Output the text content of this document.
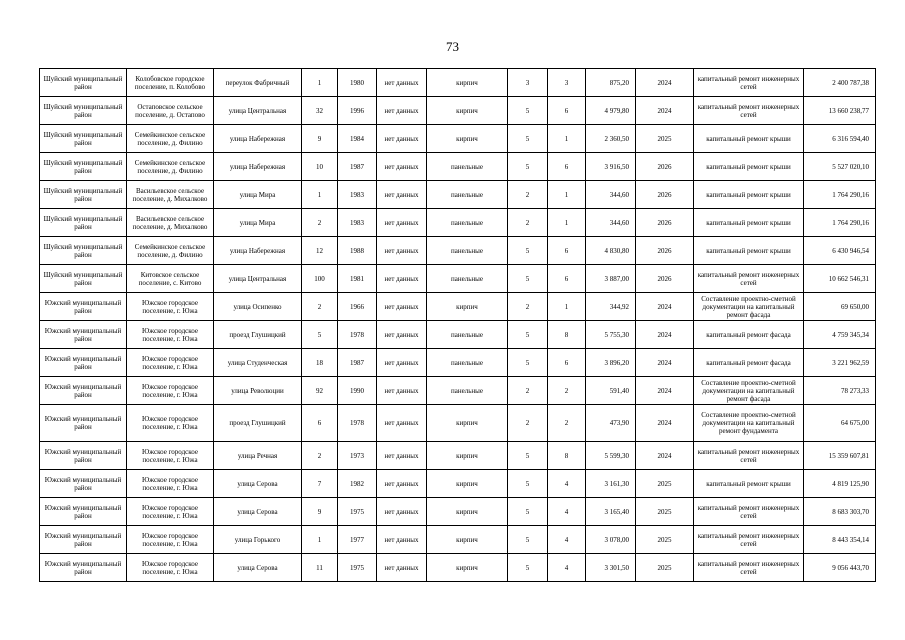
73
Шуйский муниципальный район	Колобовское городское поселение, п. Колобово	переулок Фабричный	1	1980	нет данных	кирпич	3	3	875,20	2024	капитальный ремонт инженерных сетей	2 400 787,38
Шуйский муниципальный район	Остаповское сельское поселение, д. Остапово	улица Центральная	32	1996	нет данных	кирпич	5	6	4 979,80	2024	капитальный ремонт инженерных сетей	13 660 238,77
Шуйский муниципальный район	Семейкинское сельское поселение, д. Филино	улица Набережная	9	1984	нет данных	кирпич	5	1	2 360,50	2025	капитальный ремонт крыши	6 316 594,40
Шуйский муниципальный район	Семейкинское сельское поселение, д. Филино	улица Набережная	10	1987	нет данных	панельные	5	6	3 916,50	2026	капитальный ремонт крыши	5 527 020,10
Шуйский муниципальный район	Васильевское сельское поселение, д. Михалково	улица Мира	1	1983	нет данных	панельные	2	1	344,60	2026	капитальный ремонт крыши	1 764 290,16
Шуйский муниципальный район	Васильевское сельское поселение, д. Михалково	улица Мира	2	1983	нет данных	панельные	2	1	344,60	2026	капитальный ремонт крыши	1 764 290,16
Шуйский муниципальный район	Семейкинское сельское поселение, д. Филино	улица Набережная	12	1988	нет данных	панельные	5	6	4 830,80	2026	капитальный ремонт крыши	6 430 946,54
Шуйский муниципальный район	Китовское сельское поселение, с. Китово	улица Центральная	100	1981	нет данных	панельные	5	6	3 887,00	2026	капитальный ремонт инженерных сетей	10 662 546,31
Южский муниципальный район	Южское городское поселение, г. Южа	улица Осипенко	2	1966	нет данных	кирпич	2	1	344,92	2024	Составление проектно-сметной документации на капитальный ремонт фасада	69 650,00
Южский муниципальный район	Южское городское поселение, г. Южа	проезд Глушицкий	5	1978	нет данных	панельные	5	8	5 755,30	2024	капитальный ремонт фасада	4 759 345,34
Южский муниципальный район	Южское городское поселение, г. Южа	улица Студенческая	18	1987	нет данных	панельные	5	6	3 896,20	2024	капитальный ремонт фасада	3 221 962,59
Южский муниципальный район	Южское городское поселение, г. Южа	улица Революции	92	1990	нет данных	панельные	2	2	591,40	2024	Составление проектно-сметной документации на капитальный ремонт фасада	78 273,33
Южский муниципальный район	Южское городское поселение, г. Южа	проезд Глушицкий	6	1978	нет данных	кирпич	2	2	473,90	2024	Составление проектно-сметной документации на капитальный ремонт фундамента	64 675,00
Южский муниципальный район	Южское городское поселение, г. Южа	улица Речная	2	1973	нет данных	кирпич	5	8	5 599,30	2024	капитальный ремонт инженерных сетей	15 359 607,81
Южский муниципальный район	Южское городское поселение, г. Южа	улица Серова	7	1982	нет данных	кирпич	5	4	3 161,30	2025	капитальный ремонт крыши	4 819 125,90
Южский муниципальный район	Южское городское поселение, г. Южа	улица Серова	9	1975	нет данных	кирпич	5	4	3 165,40	2025	капитальный ремонт инженерных сетей	8 683 303,70
Южский муниципальный район	Южское городское поселение, г. Южа	улица Горького	1	1977	нет данных	кирпич	5	4	3 078,00	2025	капитальный ремонт инженерных сетей	8 443 354,14
Южский муниципальный район	Южское городское поселение, г. Южа	улица Серова	11	1975	нет данных	кирпич	5	4	3 301,50	2025	капитальный ремонт инженерных сетей	9 056 443,70
